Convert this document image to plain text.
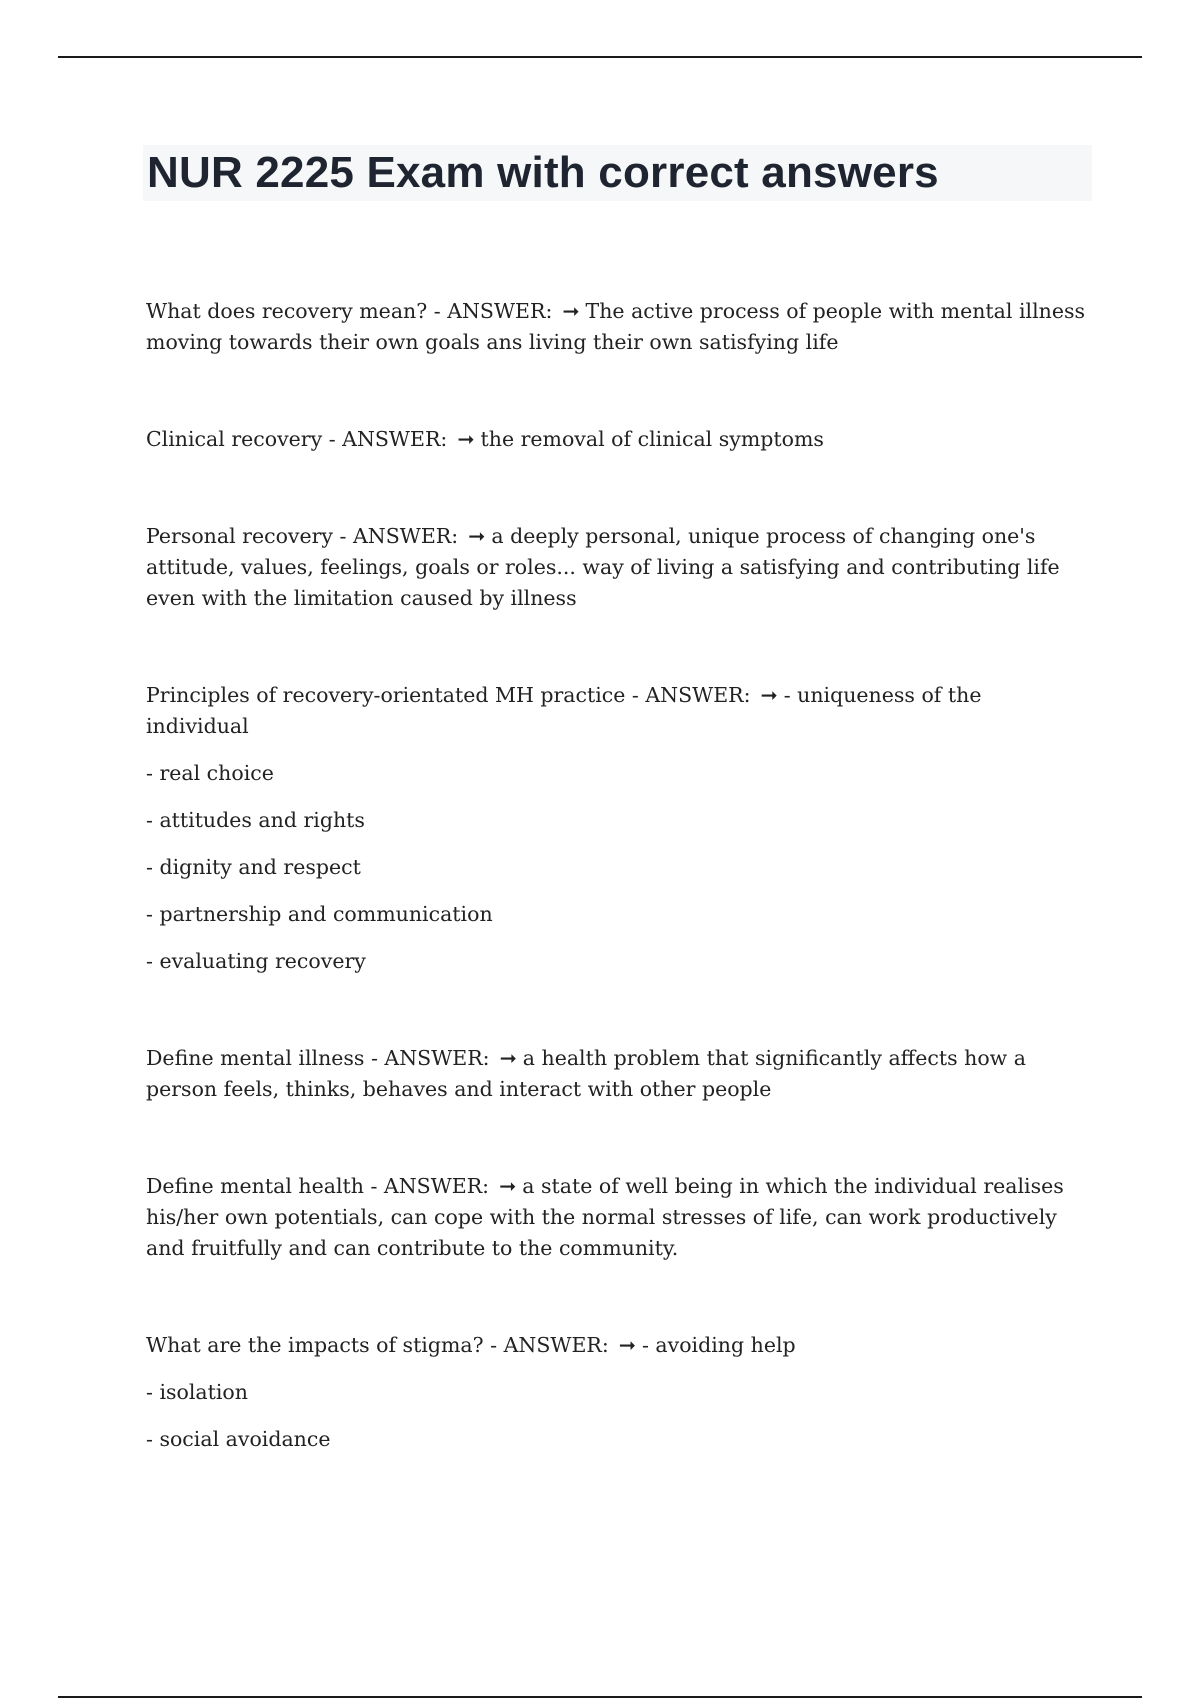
NUR 2225 Exam with correct answers

What does recovery mean? - ANSWER: ➞ The active process of people with mental illness moving towards their own goals ans living their own satisfying life

Clinical recovery - ANSWER: ➞ the removal of clinical symptoms

Personal recovery - ANSWER: ➞ a deeply personal, unique process of changing one's attitude, values, feelings, goals or roles... way of living a satisfying and contributing life even with the limitation caused by illness

Principles of recovery-orientated MH practice - ANSWER: ➞ - uniqueness of the individual

- real choice
- attitudes and rights
- dignity and respect
- partnership and communication
- evaluating recovery

Define mental illness - ANSWER: ➞ a health problem that significantly affects how a person feels, thinks, behaves and interact with other people

Define mental health - ANSWER: ➞ a state of well being in which the individual realises his/her own potentials, can cope with the normal stresses of life, can work productively and fruitfully and can contribute to the community.

What are the impacts of stigma? - ANSWER: ➞ - avoiding help

- isolation
- social avoidance
